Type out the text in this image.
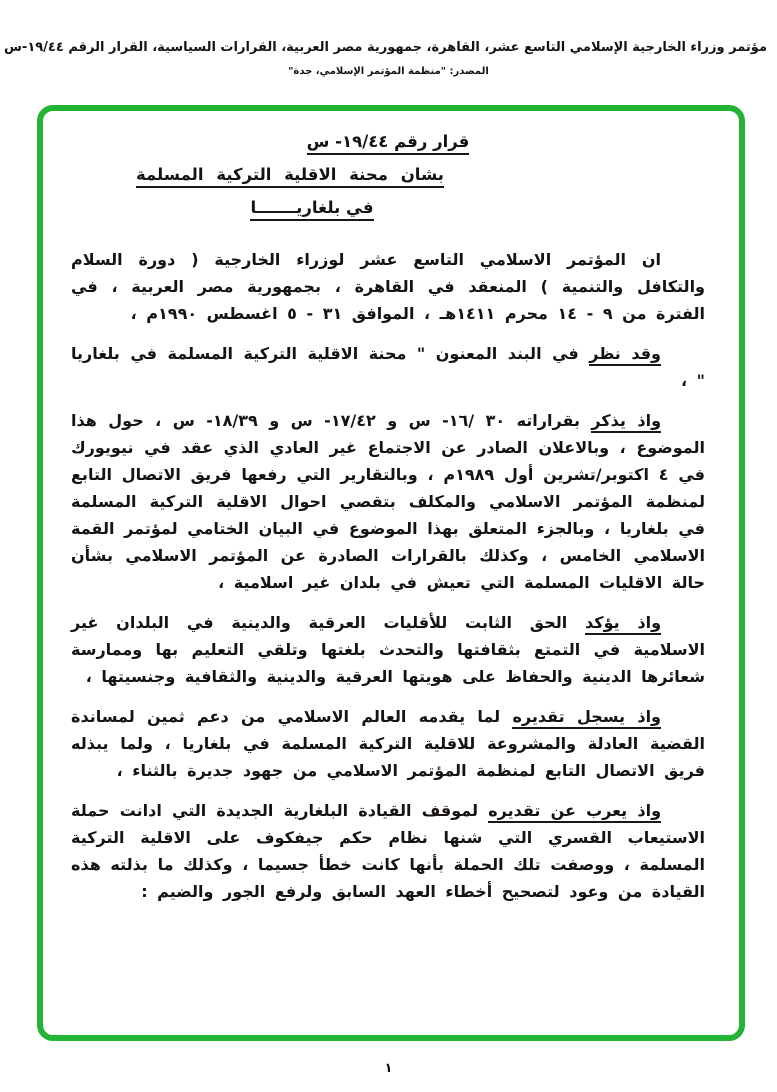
مؤتمر وزراء الخارجية الإسلامي التاسع عشر، القاهرة، جمهورية مصر العربية، القرارات السياسية، القرار الرقم ١٩/٤٤-س
المصدر: "منظمة المؤتمر الإسلامي، جدة"
قرار رقم ١٩/٤٤- س
بشان محنة الاقلية التركية المسلمة
في بلغاريـــــــا

ان المؤتمر الاسلامي التاسع عشر لوزراء الخارجية ( دورة السلام والتكافل والتنمية ) المنعقد في القاهرة ، بجمهورية مصر العربية ، في الفترة من ٩ - ١٤ محرم ١٤١١هـ ، الموافق ٣١ - ٥ اغسطس ١٩٩٠م ،

وقد نظر في البند المعنون " محنة الاقلية التركية المسلمة في بلغاريا " ،

واذ يذكر بقراراته ٣٠ /١٦- س و ١٧/٤٢- س و ١٨/٣٩- س ، حول هذا الموضوع ، وبالاعلان الصادر عن الاجتماع غير العادي الذي عقد في نيويورك في ٤ اكتوبر/تشرين أول ١٩٨٩م ، وبالتقارير التي رفعها فريق الاتصال التابع لمنظمة المؤتمر الاسلامي والمكلف بتقصي احوال الاقلية التركية المسلمة في بلغاريا ، وبالجزء المتعلق بهذا الموضوع في البيان الختامي لمؤتمر القمة الاسلامي الخامس ، وكذلك بالقرارات الصادرة عن المؤتمر الاسلامي بشأن حالة الاقليات المسلمة التي تعيش في بلدان غير اسلامية ،

واذ يؤكد الحق الثابت للأقليات العرقية والدينية في البلدان غير الاسلامية في التمتع بثقافتها والتحدث بلغتها وتلقي التعليم بها وممارسة شعائرها الدينية والحفاظ على هويتها العرقية والدينية والثقافية وجنسيتها ،

واذ يسجل تقديره لما يقدمه العالم الاسلامي من دعم ثمين لمساندة القضية العادلة والمشروعة للاقلية التركية المسلمة في بلغاريا ، ولما يبذله فريق الاتصال التابع لمنظمة المؤتمر الاسلامي من جهود جديرة بالثناء ،

واذ يعرب عن تقديره لموقف القيادة البلغارية الجديدة التي ادانت حملة الاستيعاب القسري التي شنها نظام حكم جيفكوف على الاقلية التركية المسلمة ، ووصفت تلك الحملة بأنها كانت خطأ جسيما ، وكذلك ما بذلته هذه القيادة من وعود لتصحيح أخطاء العهد السابق ولرفع الجور والضيم :

١
